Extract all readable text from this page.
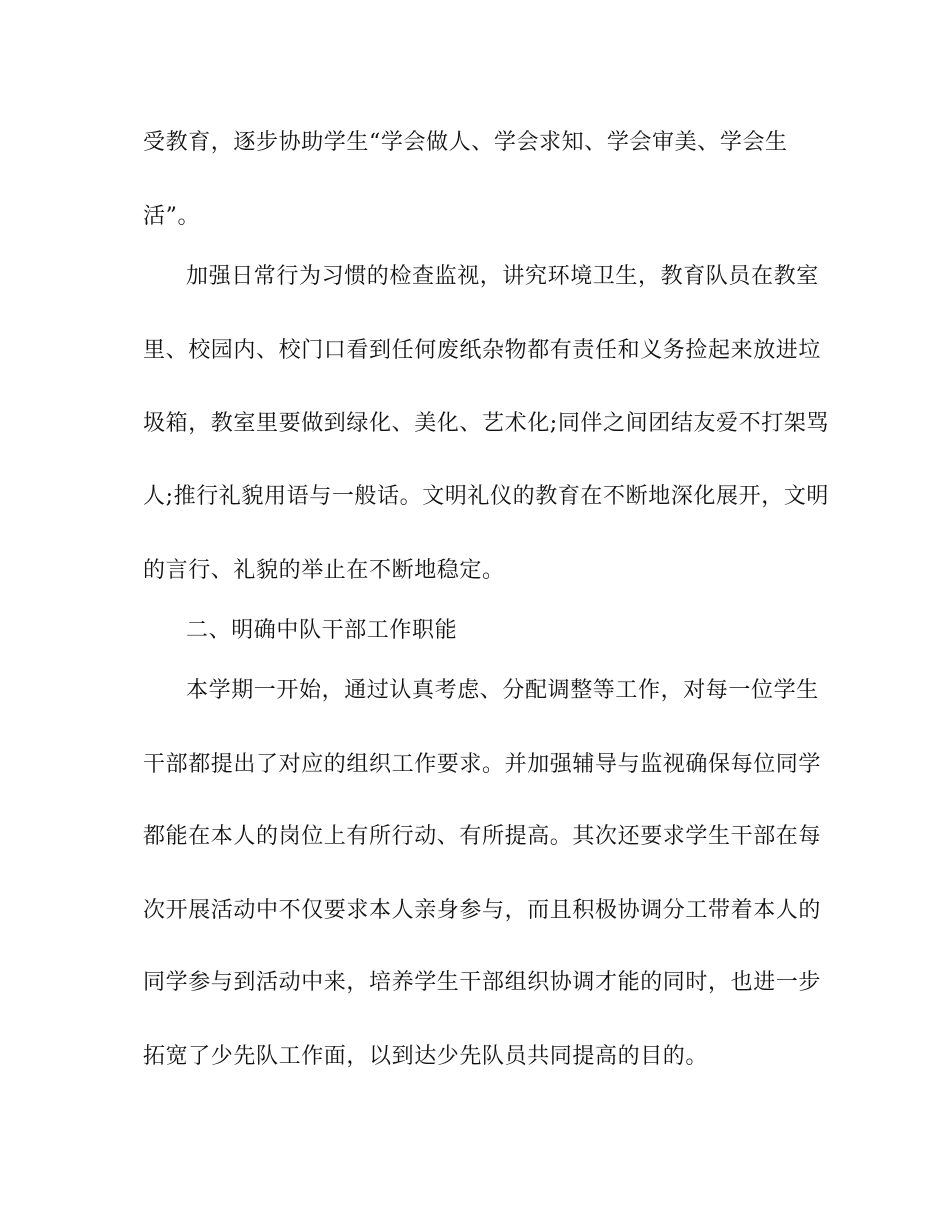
受教育，逐步协助学生“学会做人、学会求知、学会审美、学会生
活”。
加强日常行为习惯的检查监视，讲究环境卫生，教育队员在教室
里、校园内、校门口看到任何废纸杂物都有责任和义务捡起来放进垃
圾箱，教室里要做到绿化、美化、艺术化;同伴之间团结友爱不打架骂
人;推行礼貌用语与一般话。文明礼仪的教育在不断地深化展开，文明
的言行、礼貌的举止在不断地稳定。
二、明确中队干部工作职能
本学期一开始，通过认真考虑、分配调整等工作，对每一位学生
干部都提出了对应的组织工作要求。并加强辅导与监视确保每位同学
都能在本人的岗位上有所行动、有所提高。其次还要求学生干部在每
次开展活动中不仅要求本人亲身参与，而且积极协调分工带着本人的
同学参与到活动中来，培养学生干部组织协调才能的同时，也进一步
拓宽了少先队工作面，以到达少先队员共同提高的目的。
